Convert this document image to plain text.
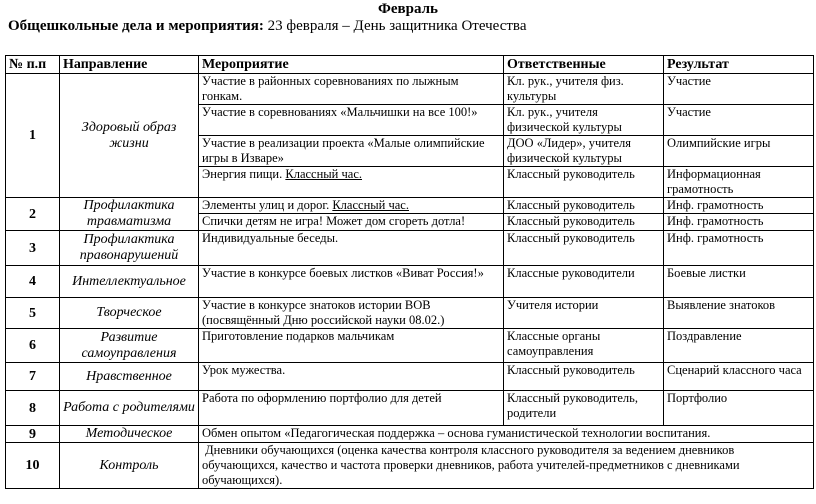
Февраль
Общешкольные дела и мероприятия: 23 февраля – День защитника Отечества
№ п.п	Направление	Мероприятие	Ответственные	Результат
1	Здоровый образ жизни	Участие в районных соревнованиях по лыжным гонкам.	Кл. рук., учителя физ. культуры	Участие
		Участие в соревнованиях «Мальчишки на все 100!»	Кл. рук., учителя физической культуры	Участие
		Участие в реализации проекта «Малые олимпийские игры в Изваре»	ДОО «Лидер», учителя физической культуры	Олимпийские игры
		Энергия пищи. Классный час.	Классный руководитель	Информационная грамотность
2	Профилактика травматизма	Элементы улиц и дорог. Классный час.	Классный руководитель	Инф. грамотность
		Спички детям не игра! Может дом сгореть дотла!	Классный руководитель	Инф. грамотность
3	Профилактика правонарушений	Индивидуальные беседы.	Классный руководитель	Инф. грамотность
4	Интеллектуальное	Участие в конкурсе боевых листков «Виват Россия!»	Классные руководители	Боевые листки
5	Творческое	Участие в конкурсе знатоков истории ВОВ (посвящённый Дню российской науки 08.02.)	Учителя истории	Выявление знатоков
6	Развитие самоуправления	Приготовление подарков мальчикам	Классные органы самоуправления	Поздравление
7	Нравственное	Урок мужества.	Классный руководитель	Сценарий классного часа
8	Работа с родителями	Работа по оформлению портфолио для детей	Классный руководитель, родители	Портфолио
9	Методическое	Обмен опытом «Педагогическая поддержка – основа гуманистической технологии воспитания.		
10	Контроль	Дневники обучающихся (оценка качества контроля классного руководителя за ведением дневников обучающихся, качество и частота проверки дневников, работа учителей-предметников с дневниками обучающихся).		
